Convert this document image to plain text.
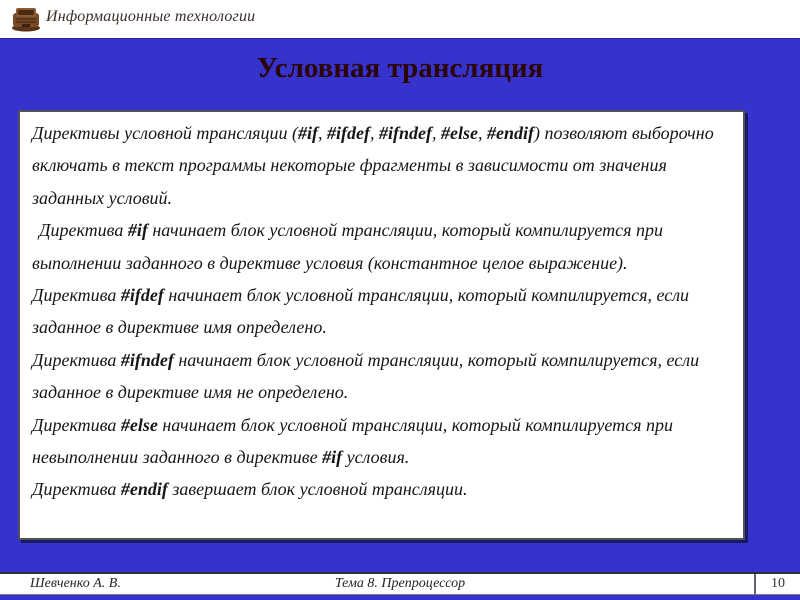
Информационные технологии
Условная трансляция

Директивы условной трансляции (#if, #ifdef, #ifndef, #else, #endif) позволяют выборочно включать в текст программы некоторые фрагменты в зависимости от значения заданных условий.

Директива #if начинает блок условной трансляции, который компилируется при выполнении заданного в директиве условия (константное целое выражение).

Директива #ifdef начинает блок условной трансляции, который компилируется, если заданное в директиве имя определено.

Директива #ifndef начинает блок условной трансляции, который компилируется, если заданное в директиве имя не определено.

Директива #else начинает блок условной трансляции, который компилируется при невыполнении заданного в директиве #if условия.

Директива #endif завершает блок условной трансляции.

Шевченко А. В.	Тема 8. Препроцессор	10
